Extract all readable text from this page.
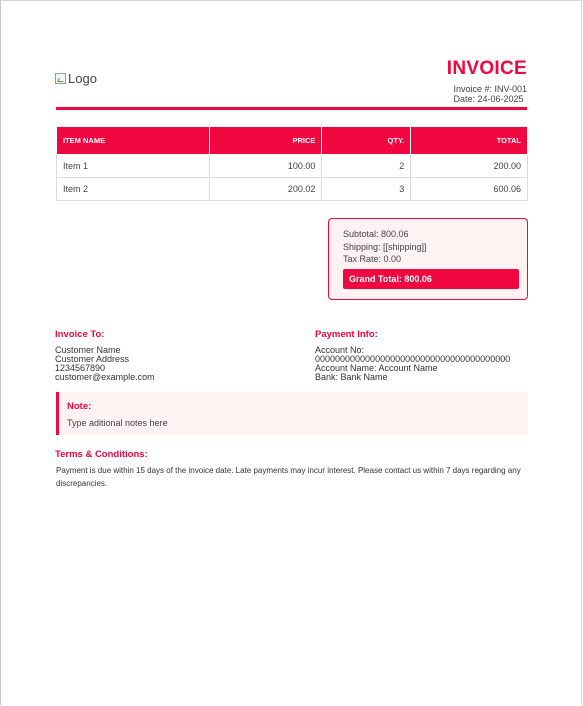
Logo	INVOICE
Invoice #: INV-001
Date: 24-06-2025
ITEM NAME	PRICE	QTY.	TOTAL
Item 1	100.00	2	200.00
Item 2	200.02	3	600.06
Subtotal: 800.06
Shipping: [[shipping]]
Tax Rate: 0.00
Grand Total: 800.06
Invoice To:
Customer Name
Customer Address
1234567890
customer@example.com
Payment Info:
Account No:
000000000000000000000000000000000000000
Account Name: Account Name
Bank: Bank Name
Note:
Type aditional notes here
Terms & Conditions:
Payment is due within 15 days of the invoice date. Late payments may incur interest. Please contact us within 7 days regarding any discrepancies.
